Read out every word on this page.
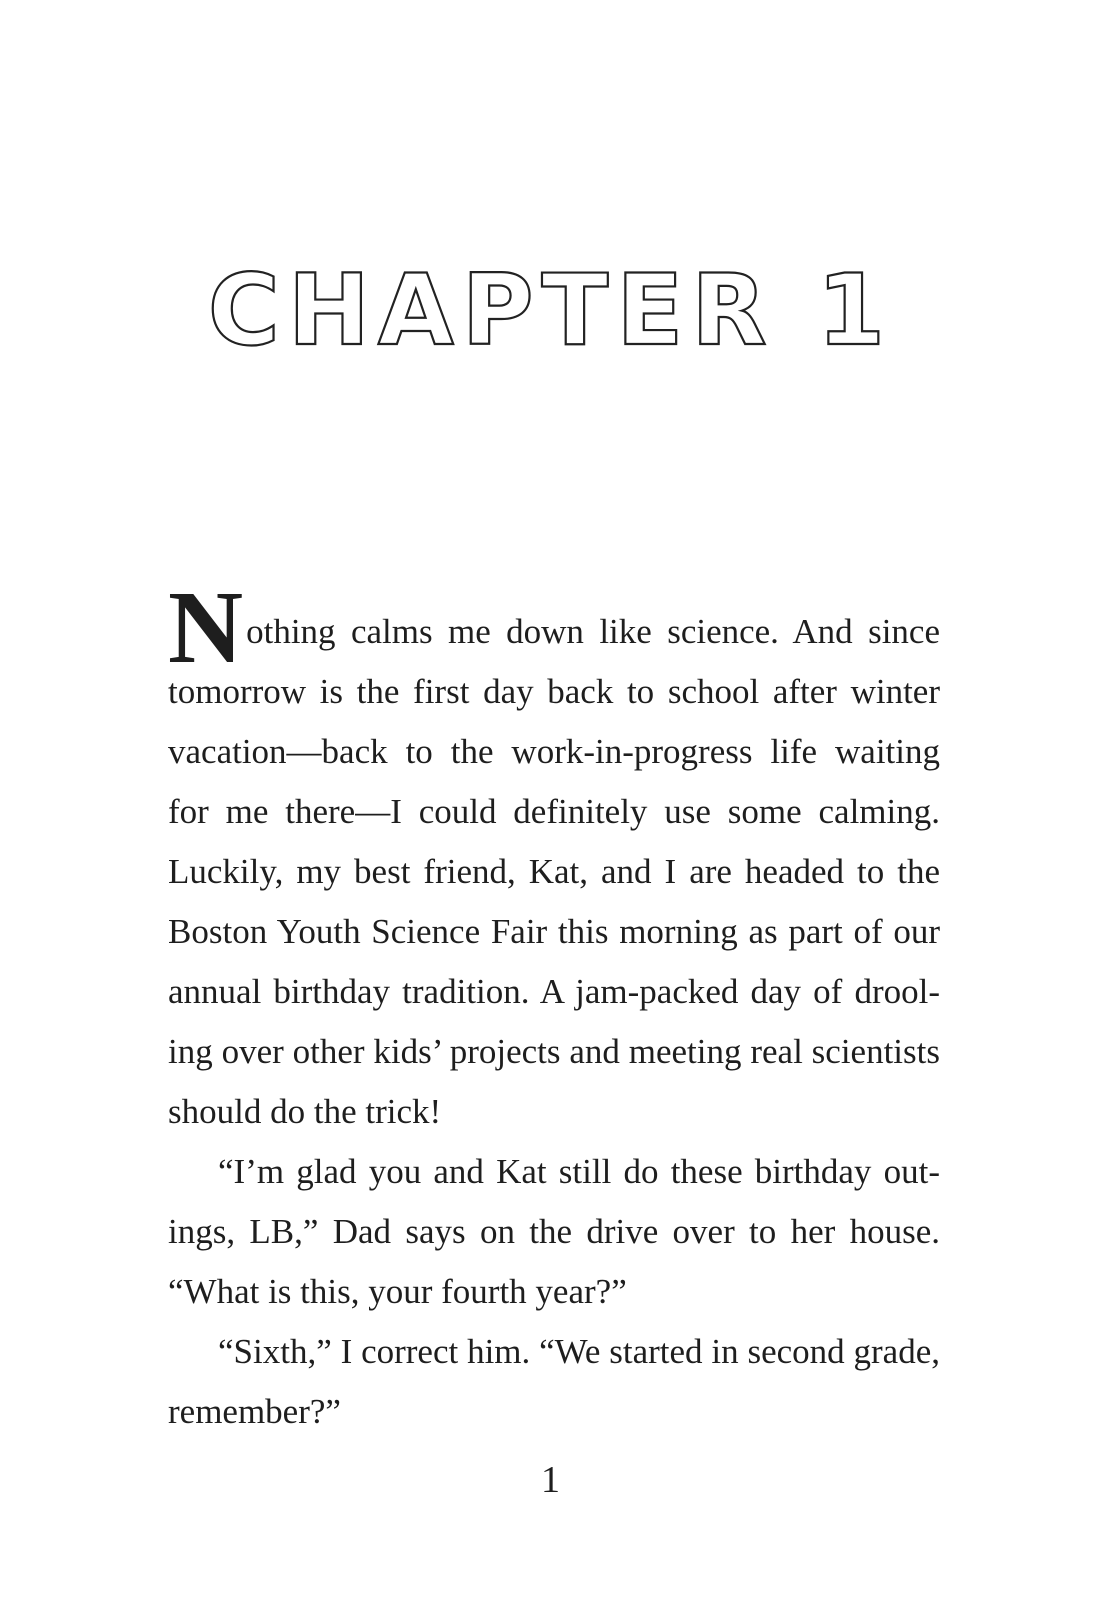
CHAPTER 1

Nothing calms me down like science. And since tomorrow is the first day back to school after winter vacation—back to the work-in-progress life waiting for me there—I could definitely use some calming. Luckily, my best friend, Kat, and I are headed to the Boston Youth Science Fair this morning as part of our annual birthday tradition. A jam-packed day of drooling over other kids’ projects and meeting real scientists should do the trick!

“I’m glad you and Kat still do these birthday outings, LB,” Dad says on the drive over to her house. “What is this, your fourth year?”

“Sixth,” I correct him. “We started in second grade, remember?”

1
